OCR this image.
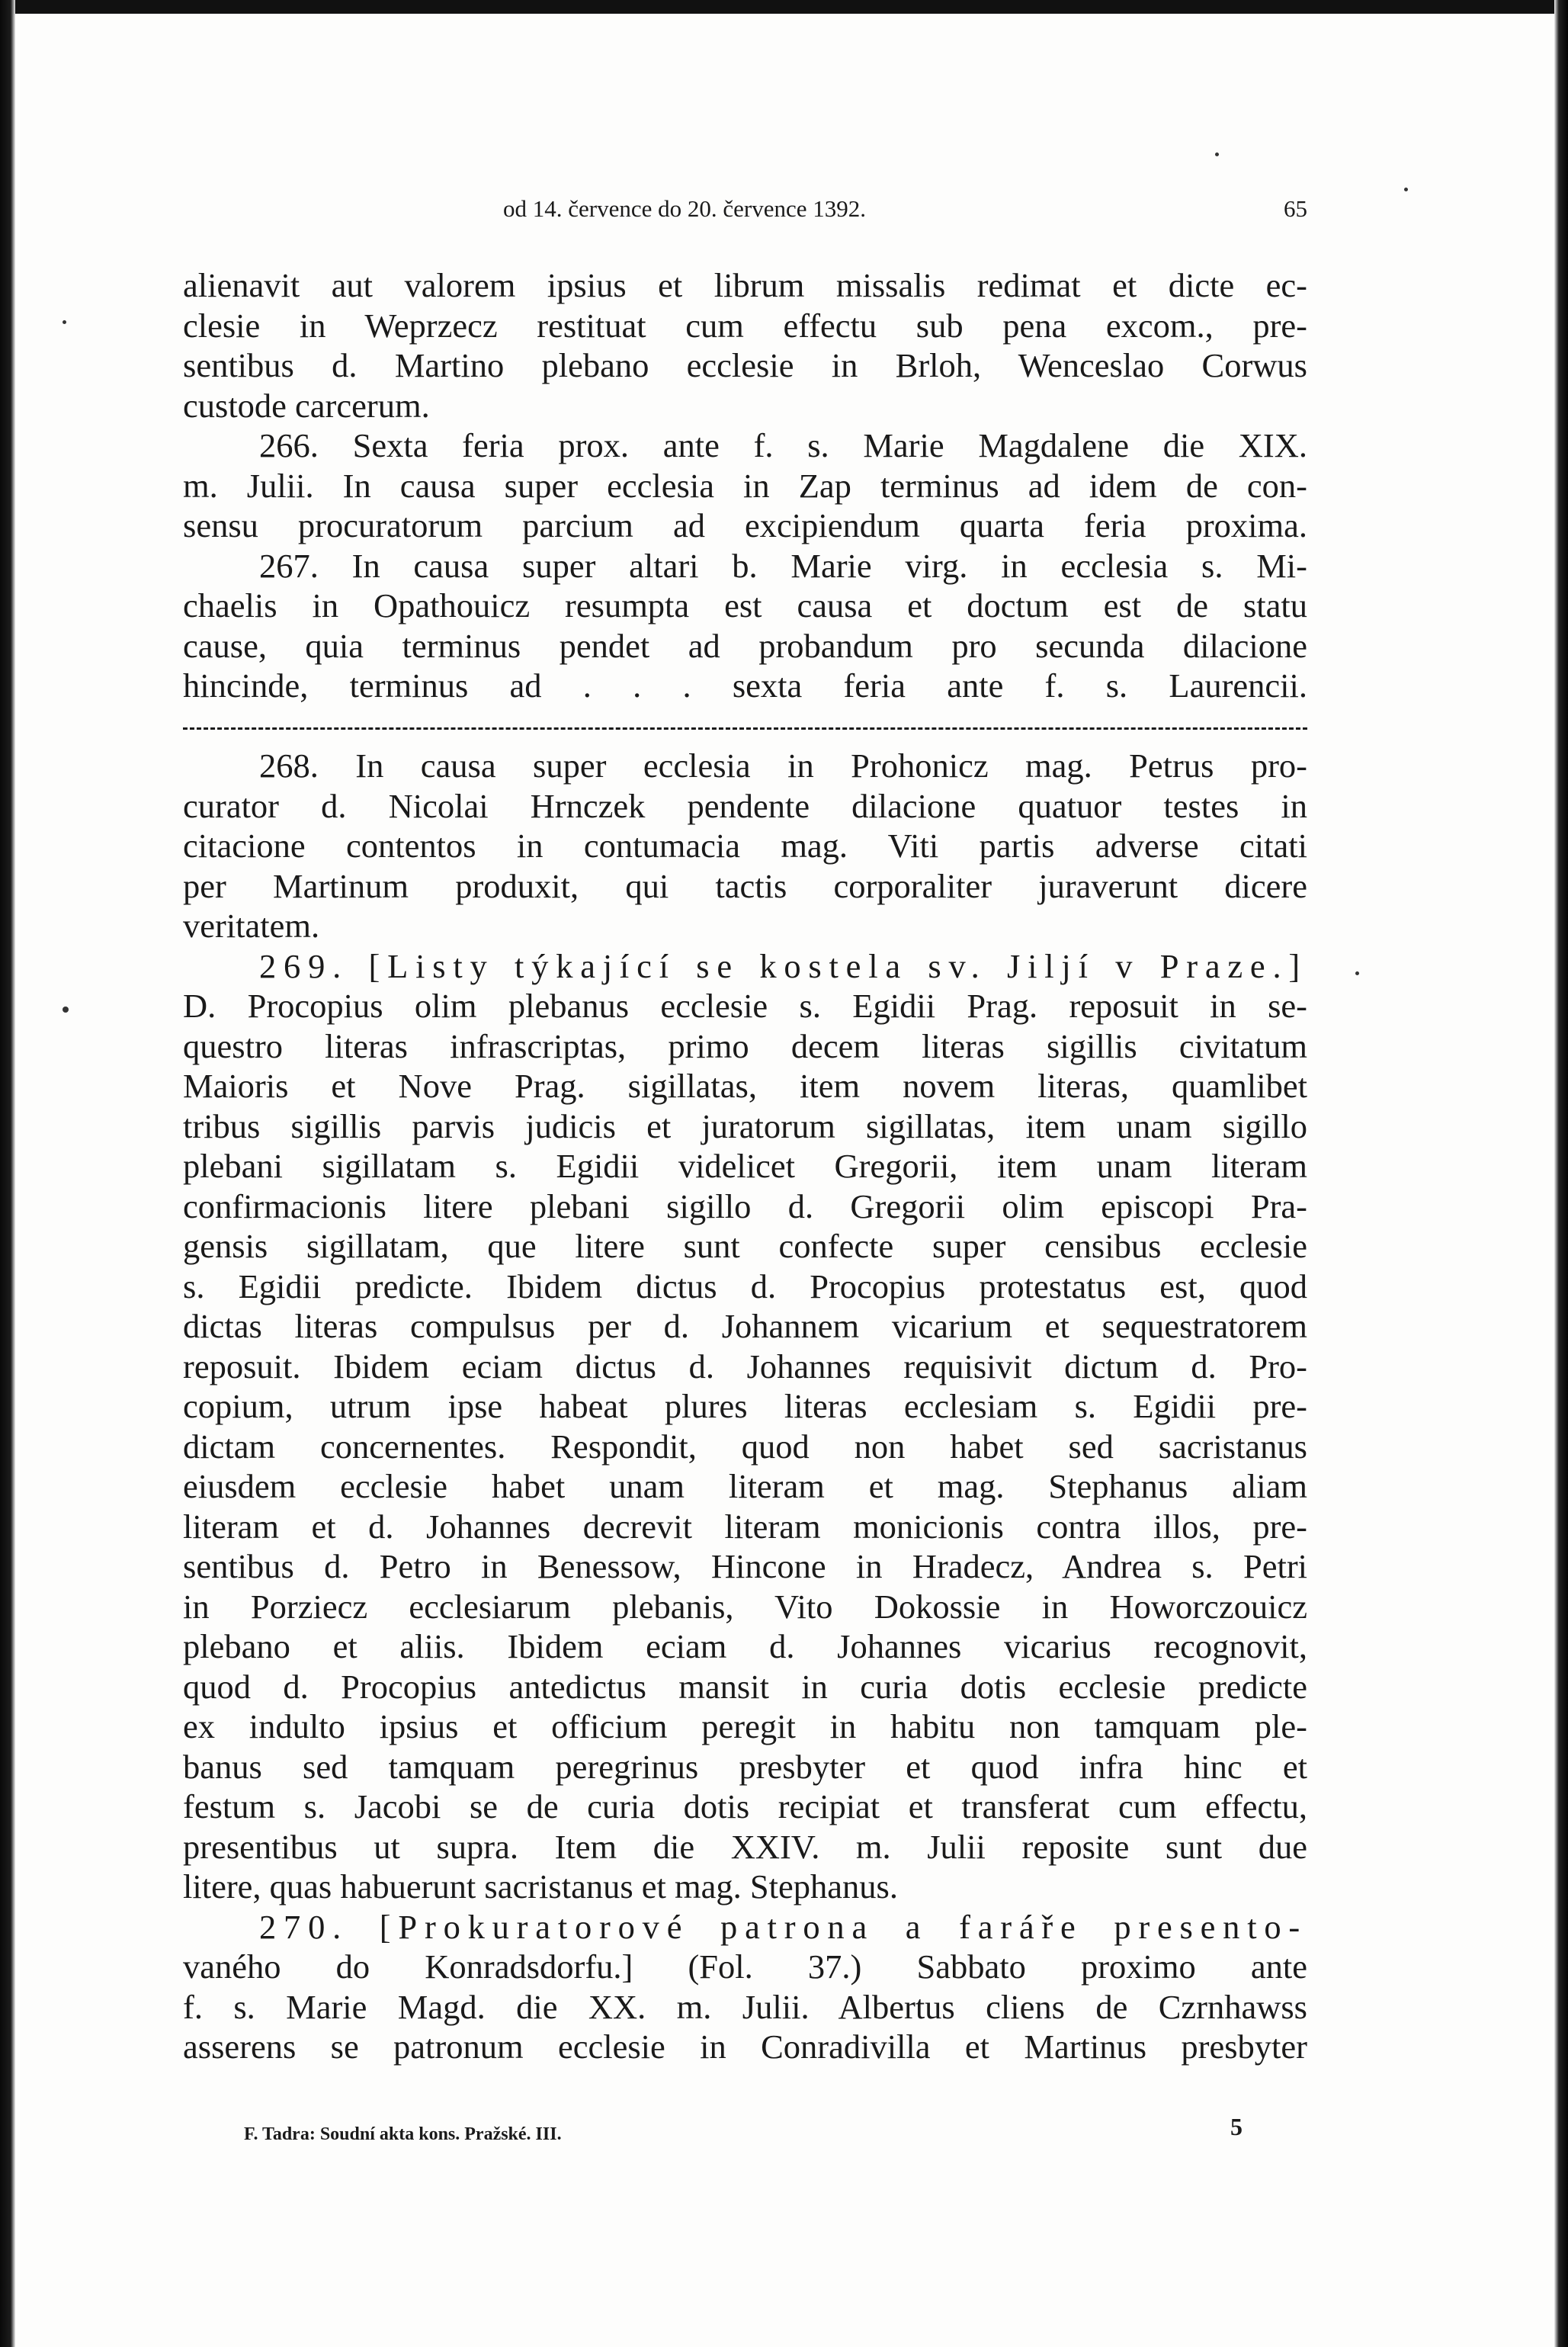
od 14. července do 20. července 1392.	65
alienavit aut valorem ipsius et librum missalis redimat et dicte ec-
clesie in Weprzecz restituat cum effectu sub pena excom., pre-
sentibus d. Martino plebano ecclesie in Brloh, Wenceslao Corwus
custode carcerum.
266. Sexta feria prox. ante f. s. Marie Magdalene die XIX.
m. Julii. In causa super ecclesia in Zap terminus ad idem de con-
sensu procuratorum parcium ad excipiendum quarta feria proxima.
267. In causa super altari b. Marie virg. in ecclesia s. Mi-
chaelis in Opathouicz resumpta est causa et doctum est de statu
cause, quia terminus pendet ad probandum pro secunda dilacione
hincinde, terminus ad . . . sexta feria ante f. s. Laurencii.
268. In causa super ecclesia in Prohonicz mag. Petrus pro-
curator d. Nicolai Hrnczek pendente dilacione quatuor testes in
citacione contentos in contumacia mag. Viti partis adverse citati
per Martinum produxit, qui tactis corporaliter juraverunt dicere
veritatem.
269. [Listy týkající se kostela sv. Jiljí v Praze.]
D. Procopius olim plebanus ecclesie s. Egidii Prag. reposuit in se-
questro literas infrascriptas, primo decem literas sigillis civitatum
Maioris et Nove Prag. sigillatas, item novem literas, quamlibet
tribus sigillis parvis judicis et juratorum sigillatas, item unam sigillo
plebani sigillatam s. Egidii videlicet Gregorii, item unam literam
confirmacionis litere plebani sigillo d. Gregorii olim episcopi Pra-
gensis sigillatam, que litere sunt confecte super censibus ecclesie
s. Egidii predicte. Ibidem dictus d. Procopius protestatus est, quod
dictas literas compulsus per d. Johannem vicarium et sequestratorem
reposuit. Ibidem eciam dictus d. Johannes requisivit dictum d. Pro-
copium, utrum ipse habeat plures literas ecclesiam s. Egidii pre-
dictam concernentes. Respondit, quod non habet sed sacristanus
eiusdem ecclesie habet unam literam et mag. Stephanus aliam
literam et d. Johannes decrevit literam monicionis contra illos, pre-
sentibus d. Petro in Benessow, Hincone in Hradecz, Andrea s. Petri
in Porziecz ecclesiarum plebanis, Vito Dokossie in Howorczouicz
plebano et aliis. Ibidem eciam d. Johannes vicarius recognovit,
quod d. Procopius antedictus mansit in curia dotis ecclesie predicte
ex indulto ipsius et officium peregit in habitu non tamquam ple-
banus sed tamquam peregrinus presbyter et quod infra hinc et
festum s. Jacobi se de curia dotis recipiat et transferat cum effectu,
presentibus ut supra. Item die XXIV. m. Julii reposite sunt due
litere, quas habuerunt sacristanus et mag. Stephanus.
270. [Prokuratorové patrona a faráře presento-
vaného do Konradsdorfu.] (Fol. 37.) Sabbato proximo ante
f. s. Marie Magd. die XX. m. Julii. Albertus cliens de Czrnhawss
asserens se patronum ecclesie in Conradivilla et Martinus presbyter
F. Tadra: Soudní akta kons. Pražské. III.	5
